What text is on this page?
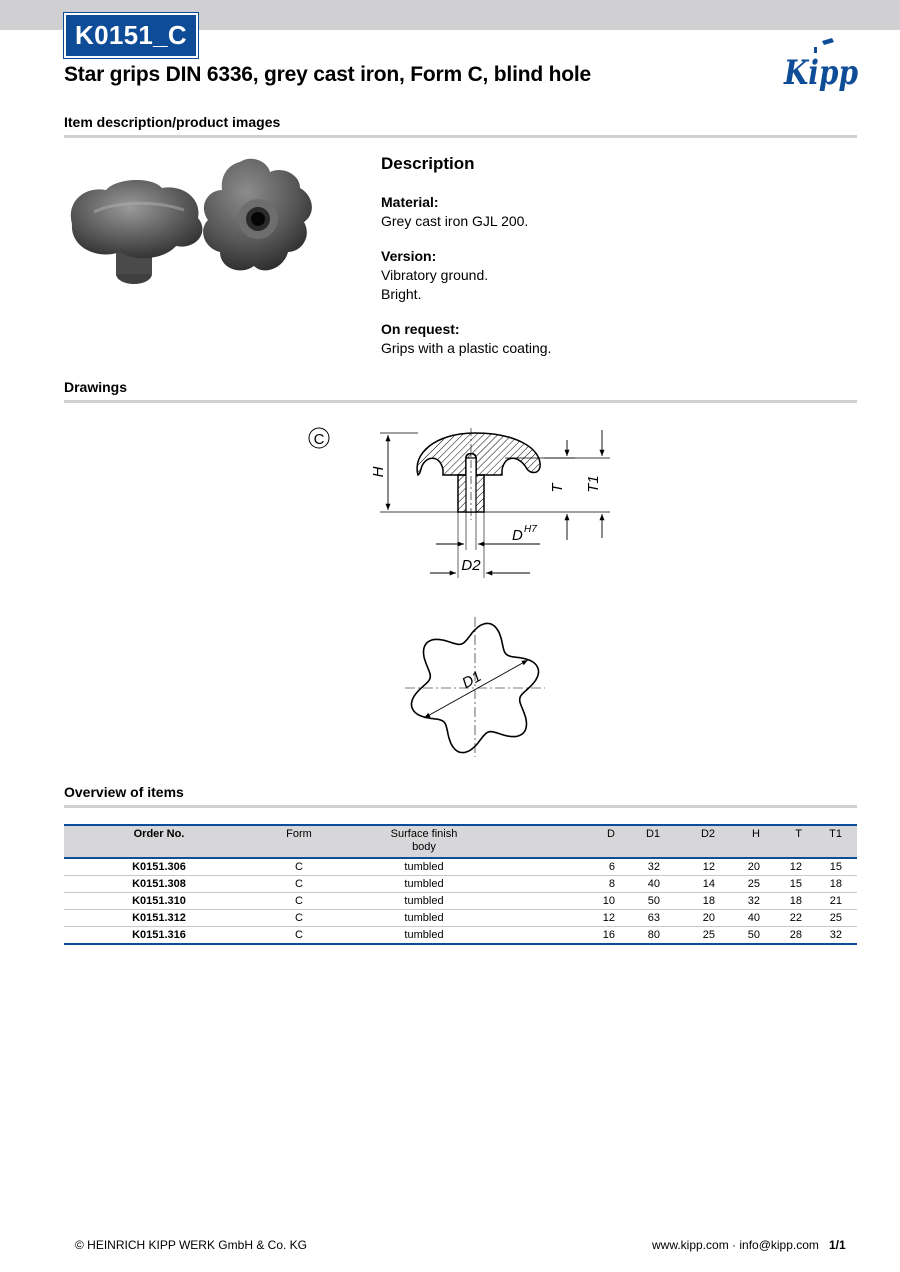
K0151_C
Star grips DIN 6336, grey cast iron, Form C, blind hole	Kipp
Item description/product images
Description
Material:
Grey cast iron GJL 200.
Version:
Vibratory ground.
Bright.
On request:
Grips with a plastic coating.
Drawings
C
H
T T1
D H7
D2
D1
Overview of items
Order No.	Form	Surface finish
body	D	D1	D2	H	T	T1
K0151.306	C	tumbled	6	32	12	20	12	15
K0151.308	C	tumbled	8	40	14	25	15	18
K0151.310	C	tumbled	10	50	18	32	18	21
K0151.312	C	tumbled	12	63	20	40	22	25
K0151.316	C	tumbled	16	80	25	50	28	32
© HEINRICH KIPP WERK GmbH & Co. KG	www.kipp.com · info@kipp.com 1/1
